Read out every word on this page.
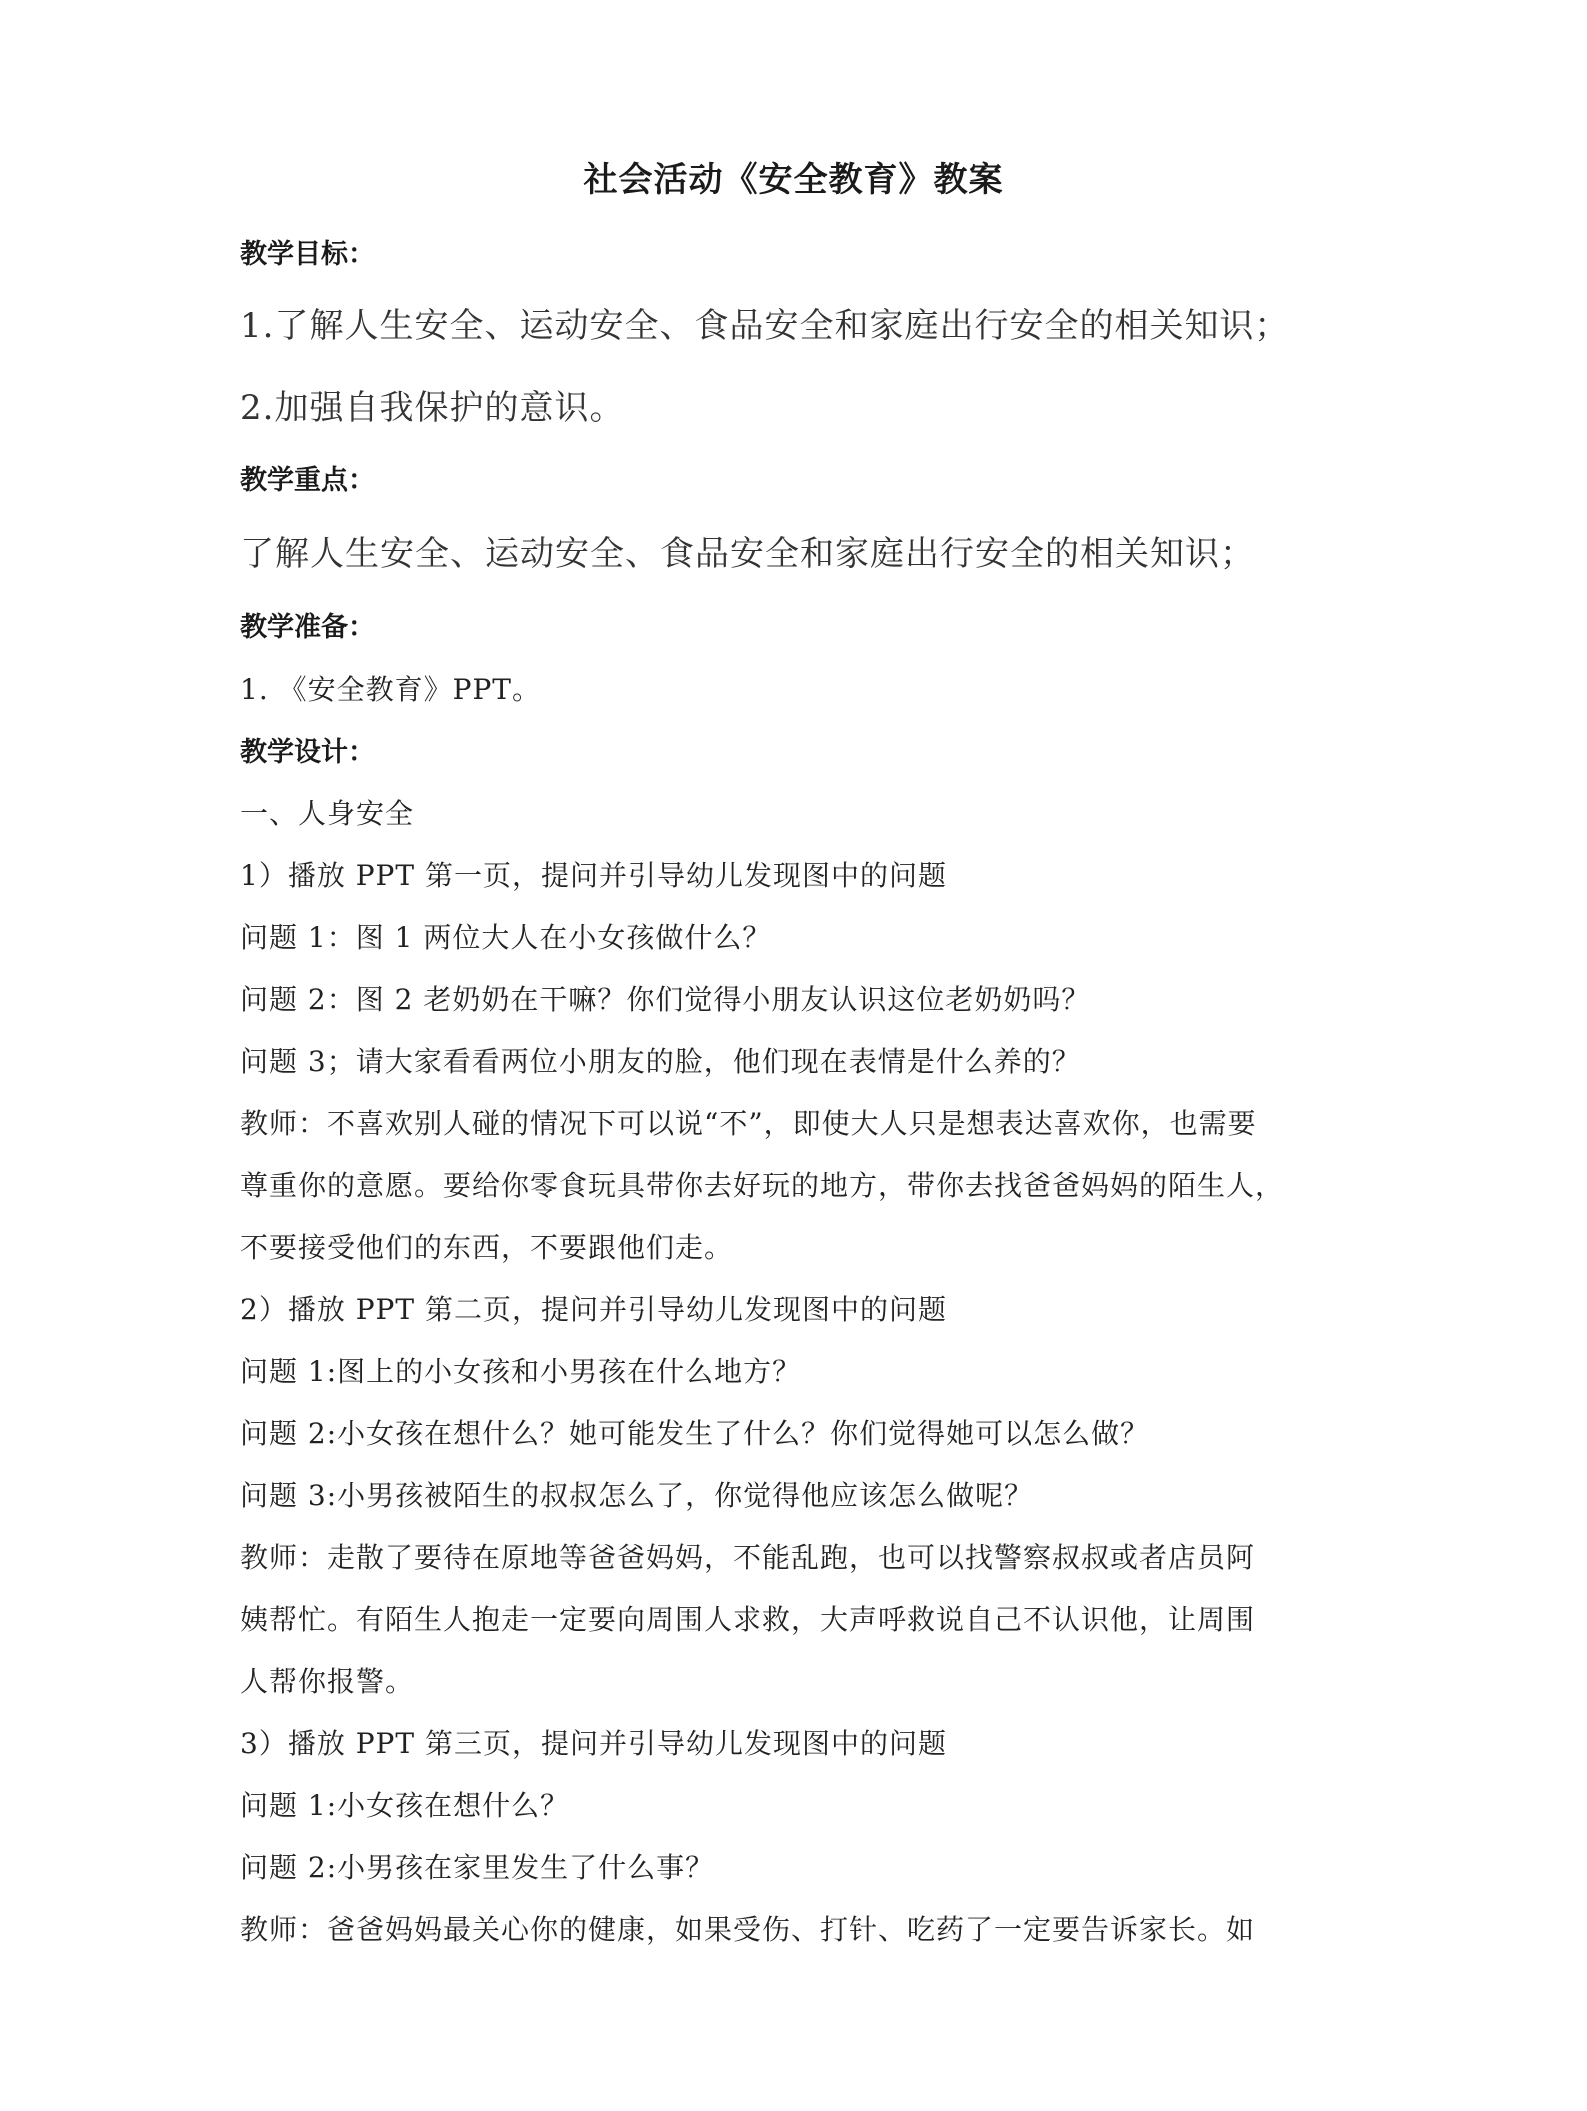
社会活动《安全教育》教案
教学目标：
1.了解人生安全、运动安全、食品安全和家庭出行安全的相关知识；
2.加强自我保护的意识。
教学重点：
了解人生安全、运动安全、食品安全和家庭出行安全的相关知识；
教学准备：
1. 《安全教育》PPT。
教学设计：
一、人身安全
1）播放 PPT 第一页，提问并引导幼儿发现图中的问题
问题 1：图 1 两位大人在小女孩做什么？
问题 2：图 2 老奶奶在干嘛？你们觉得小朋友认识这位老奶奶吗？
问题 3；请大家看看两位小朋友的脸，他们现在表情是什么养的？
教师：不喜欢别人碰的情况下可以说“不”，即使大人只是想表达喜欢你，也需要
尊重你的意愿。要给你零食玩具带你去好玩的地方，带你去找爸爸妈妈的陌生人，
不要接受他们的东西，不要跟他们走。
2）播放 PPT 第二页，提问并引导幼儿发现图中的问题
问题 1:图上的小女孩和小男孩在什么地方？
问题 2:小女孩在想什么？她可能发生了什么？你们觉得她可以怎么做？
问题 3:小男孩被陌生的叔叔怎么了，你觉得他应该怎么做呢？
教师：走散了要待在原地等爸爸妈妈，不能乱跑，也可以找警察叔叔或者店员阿
姨帮忙。有陌生人抱走一定要向周围人求救，大声呼救说自己不认识他，让周围
人帮你报警。
3）播放 PPT 第三页，提问并引导幼儿发现图中的问题
问题 1:小女孩在想什么？
问题 2:小男孩在家里发生了什么事？
教师：爸爸妈妈最关心你的健康，如果受伤、打针、吃药了一定要告诉家长。如
